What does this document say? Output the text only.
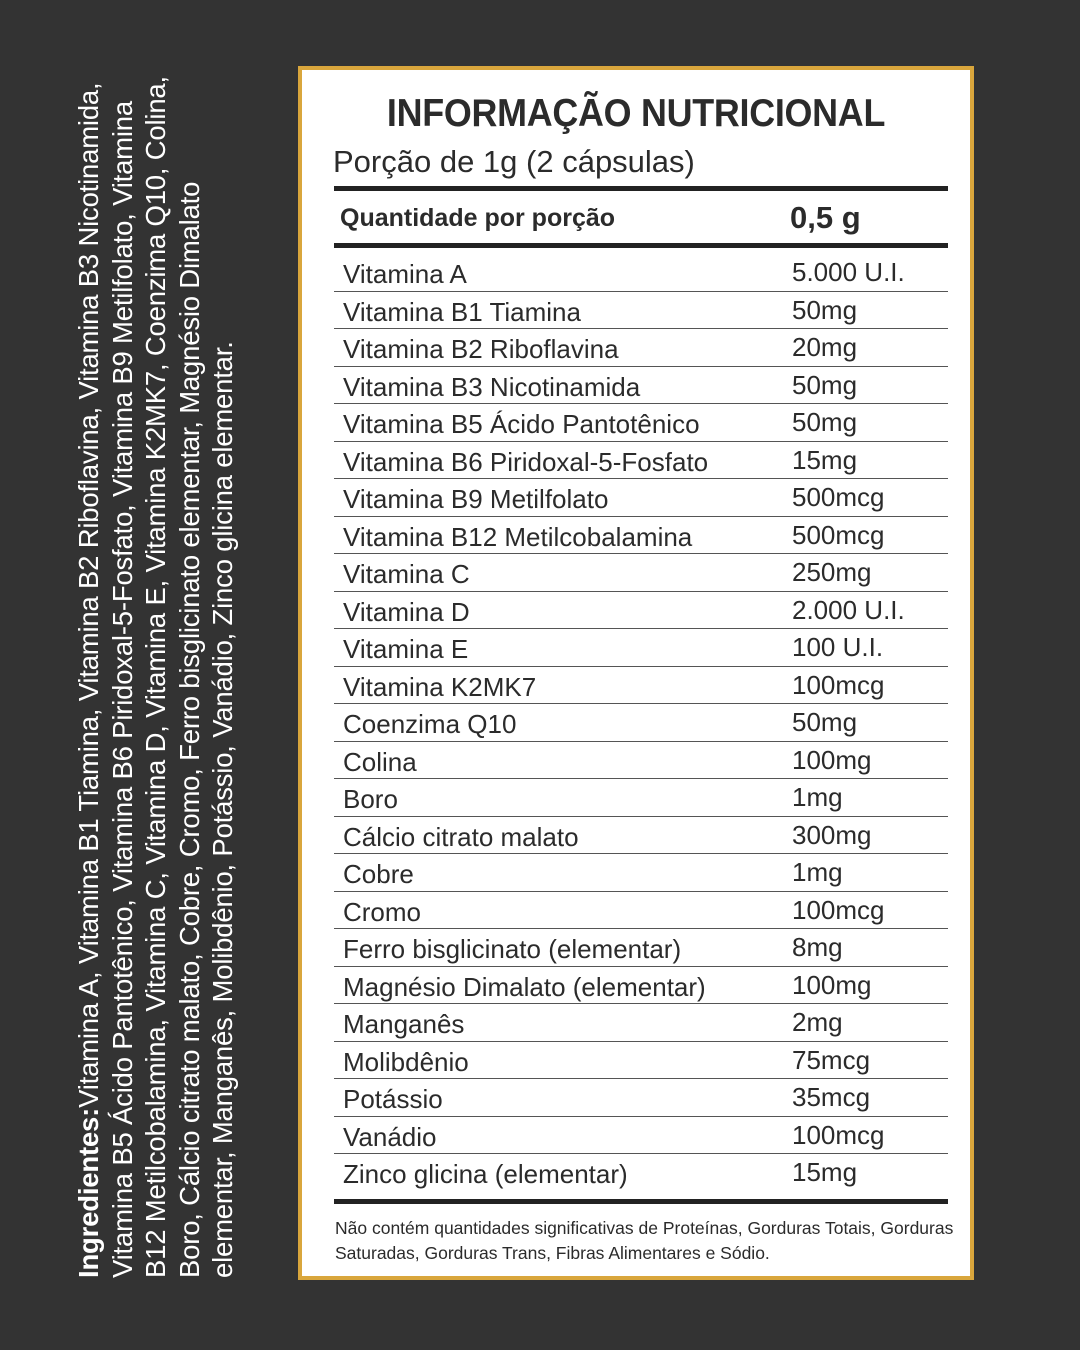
Ingredientes:Vitamina A, Vitamina B1 Tiamina, Vitamina B2 Riboflavina, Vitamina B3 Nicotinamida, Vitamina B5 Ácido Pantotênico, Vitamina B6 Piridoxal-5-Fosfato, Vitamina B9 Metilfolato, Vitamina B12 Metilcobalamina, Vitamina C, Vitamina D, Vitamina E, Vitamina K2MK7, Coenzima Q10, Colina, Boro, Cálcio citrato malato, Cobre, Cromo, Ferro bisglicinato elementar, Magnésio Dimalato elementar, Manganês, Molibdênio, Potássio, Vanádio, Zinco glicina elementar.

INFORMAÇÃO NUTRICIONAL
Porção de 1g (2 cápsulas)
Quantidade por porção	0,5 g
Vitamina A	5.000 U.I.
Vitamina B1 Tiamina	50mg
Vitamina B2 Riboflavina	20mg
Vitamina B3 Nicotinamida	50mg
Vitamina B5 Ácido Pantotênico	50mg
Vitamina B6 Piridoxal-5-Fosfato	15mg
Vitamina B9 Metilfolato	500mcg
Vitamina B12 Metilcobalamina	500mcg
Vitamina C	250mg
Vitamina D	2.000 U.I.
Vitamina E	100 U.I.
Vitamina K2MK7	100mcg
Coenzima Q10	50mg
Colina	100mg
Boro	1mg
Cálcio citrato malato	300mg
Cobre	1mg
Cromo	100mcg
Ferro bisglicinato (elementar)	8mg
Magnésio Dimalato (elementar)	100mg
Manganês	2mg
Molibdênio	75mcg
Potássio	35mcg
Vanádio	100mcg
Zinco glicina (elementar)	15mg

Não contém quantidades significativas de Proteínas, Gorduras Totais, Gorduras Saturadas, Gorduras Trans, Fibras Alimentares e Sódio.
